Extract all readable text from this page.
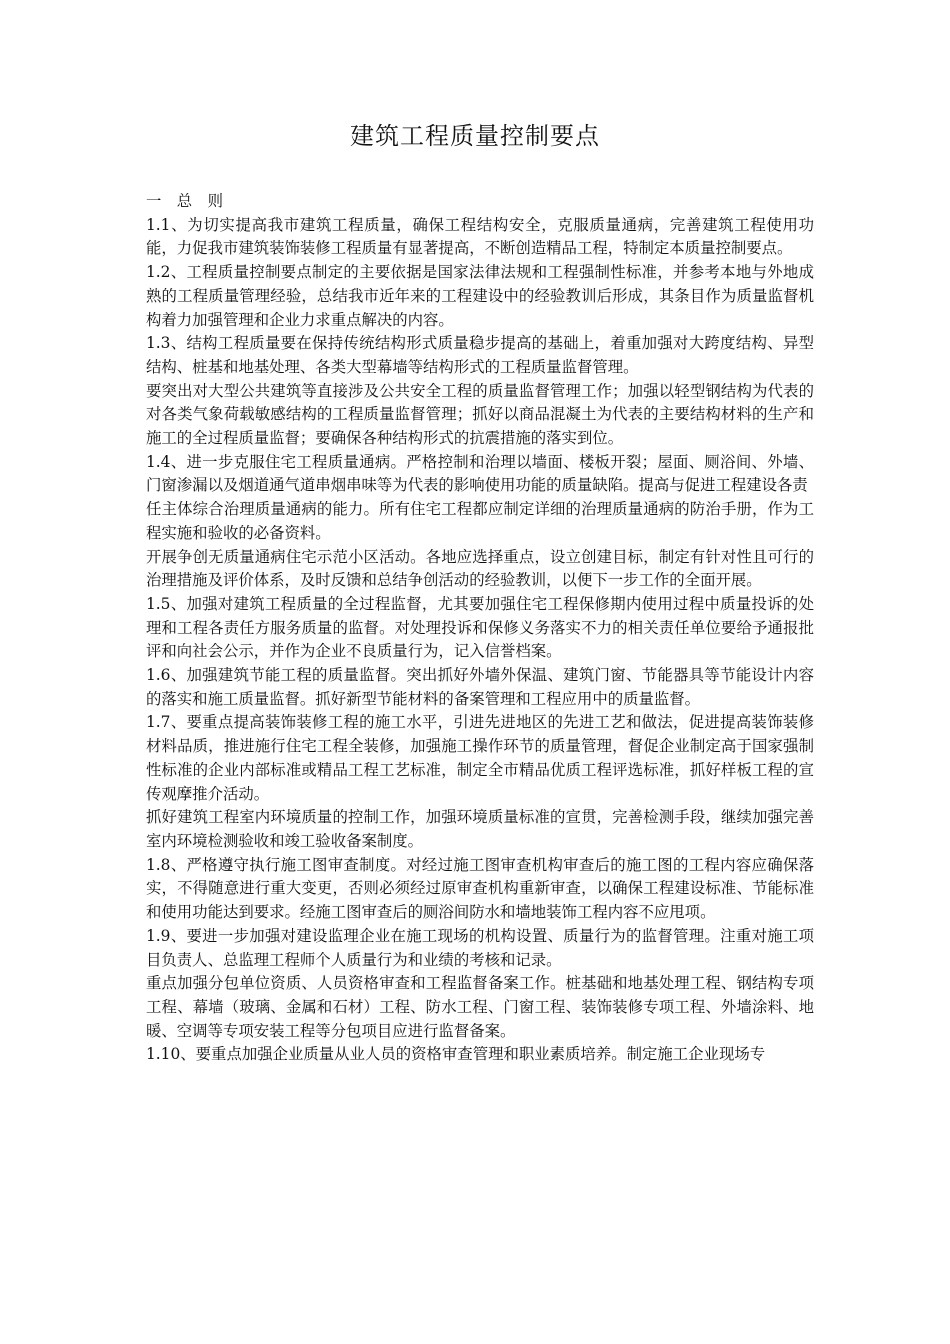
建筑工程质量控制要点

一　总　则

1.1、为切实提高我市建筑工程质量，确保工程结构安全，克服质量通病，完善建筑工程使用功能，力促我市建筑装饰装修工程质量有显著提高，不断创造精品工程，特制定本质量控制要点。

1.2、工程质量控制要点制定的主要依据是国家法律法规和工程强制性标准，并参考本地与外地成熟的工程质量管理经验，总结我市近年来的工程建设中的经验教训后形成，其条目作为质量监督机构着力加强管理和企业力求重点解决的内容。

1.3、结构工程质量要在保持传统结构形式质量稳步提高的基础上，着重加强对大跨度结构、异型结构、桩基和地基处理、各类大型幕墙等结构形式的工程质量监督管理。

要突出对大型公共建筑等直接涉及公共安全工程的质量监督管理工作；加强以轻型钢结构为代表的对各类气象荷载敏感结构的工程质量监督管理；抓好以商品混凝土为代表的主要结构材料的生产和施工的全过程质量监督；要确保各种结构形式的抗震措施的落实到位。

1.4、进一步克服住宅工程质量通病。严格控制和治理以墙面、楼板开裂；屋面、厕浴间、外墙、门窗渗漏以及烟道通气道串烟串味等为代表的影响使用功能的质量缺陷。提高与促进工程建设各责

任主体综合治理质量通病的能力。所有住宅工程都应制定详细的治理质量通病的防治手册，作为工程实施和验收的必备资料。

开展争创无质量通病住宅示范小区活动。各地应选择重点，设立创建目标，制定有针对性且可行的治理措施及评价体系，及时反馈和总结争创活动的经验教训，以便下一步工作的全面开展。

1.5、加强对建筑工程质量的全过程监督，尤其要加强住宅工程保修期内使用过程中质量投诉的处理和工程各责任方服务质量的监督。对处理投诉和保修义务落实不力的相关责任单位要给予通报批评和向社会公示，并作为企业不良质量行为，记入信誉档案。

1.6、加强建筑节能工程的质量监督。突出抓好外墙外保温、建筑门窗、节能器具等节能设计内容的落实和施工质量监督。抓好新型节能材料的备案管理和工程应用中的质量监督。

1.7、要重点提高装饰装修工程的施工水平，引进先进地区的先进工艺和做法，促进提高装饰装修材料品质，推进施行住宅工程全装修，加强施工操作环节的质量管理，督促企业制定高于国家强制性标准的企业内部标准或精品工程工艺标准，制定全市精品优质工程评选标准，抓好样板工程的宣传观摩推介活动。

抓好建筑工程室内环境质量的控制工作，加强环境质量标准的宣贯，完善检测手段，继续加强完善室内环境检测验收和竣工验收备案制度。

1.8、严格遵守执行施工图审查制度。对经过施工图审查机构审查后的施工图的工程内容应确保落实，不得随意进行重大变更，否则必须经过原审查机构重新审查，以确保工程建设标准、节能标准和使用功能达到要求。经施工图审查后的厕浴间防水和墙地装饰工程内容不应甩项。

1.9、要进一步加强对建设监理企业在施工现场的机构设置、质量行为的监督管理。注重对施工项目负责人、总监理工程师个人质量行为和业绩的考核和记录。

重点加强分包单位资质、人员资格审查和工程监督备案工作。桩基础和地基处理工程、钢结构专项工程、幕墙（玻璃、金属和石材）工程、防水工程、门窗工程、装饰装修专项工程、外墙涂料、地暖、空调等专项安装工程等分包项目应进行监督备案。

1.10、要重点加强企业质量从业人员的资格审查管理和职业素质培养。制定施工企业现场专
